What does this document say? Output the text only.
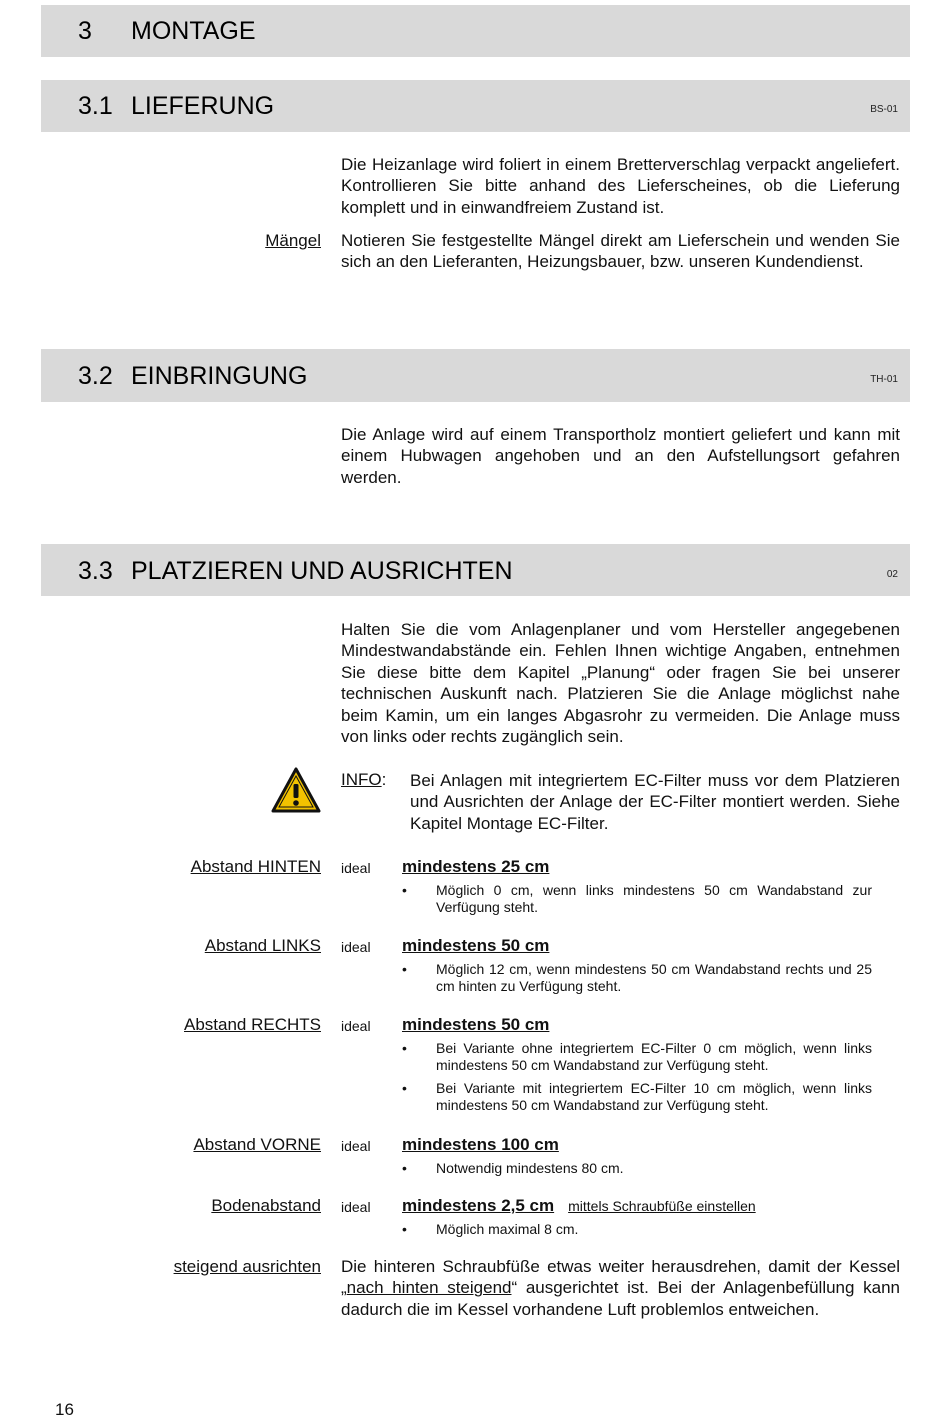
3 MONTAGE
3.1 LIEFERUNG	BS-01
Die Heizanlage wird foliert in einem Bretterverschlag verpackt angeliefert. Kontrollieren Sie bitte anhand des Lieferscheines, ob die Lieferung komplett und in einwandfreiem Zustand ist.
Mängel Notieren Sie festgestellte Mängel direkt am Lieferschein und wenden Sie sich an den Lieferanten, Heizungsbauer, bzw. unseren Kundendienst.
3.2 EINBRINGUNG	TH-01
Die Anlage wird auf einem Transportholz montiert geliefert und kann mit einem Hubwagen angehoben und an den Aufstellungsort gefahren werden.
3.3 PLATZIEREN UND AUSRICHTEN	02
Halten Sie die vom Anlagenplaner und vom Hersteller angegebenen Mindestwandabstände ein. Fehlen Ihnen wichtige Angaben, entnehmen Sie diese bitte dem Kapitel „Planung“ oder fragen Sie bei unserer technischen Auskunft nach. Platzieren Sie die Anlage möglichst nahe beim Kamin, um ein langes Abgasrohr zu vermeiden. Die Anlage muss von links oder rechts zugänglich sein.
INFO: Bei Anlagen mit integriertem EC-Filter muss vor dem Platzieren und Ausrichten der Anlage der EC-Filter montiert werden. Siehe Kapitel Montage EC-Filter.
Abstand HINTEN ideal mindestens 25 cm
• Möglich 0 cm, wenn links mindestens 50 cm Wandabstand zur Verfügung steht.
Abstand LINKS ideal mindestens 50 cm
• Möglich 12 cm, wenn mindestens 50 cm Wandabstand rechts und 25 cm hinten zu Verfügung steht.
Abstand RECHTS ideal mindestens 50 cm
• Bei Variante ohne integriertem EC-Filter 0 cm möglich, wenn links mindestens 50 cm Wandabstand zur Verfügung steht.
• Bei Variante mit integriertem EC-Filter 10 cm möglich, wenn links mindestens 50 cm Wandabstand zur Verfügung steht.
Abstand VORNE ideal mindestens 100 cm
• Notwendig mindestens 80 cm.
Bodenabstand ideal mindestens 2,5 cm mittels Schraubfüße einstellen
• Möglich maximal 8 cm.
steigend ausrichten Die hinteren Schraubfüße etwas weiter herausdrehen, damit der Kessel „nach hinten steigend“ ausgerichtet ist. Bei der Anlagenbefüllung kann dadurch die im Kessel vorhandene Luft problemlos entweichen.
16
